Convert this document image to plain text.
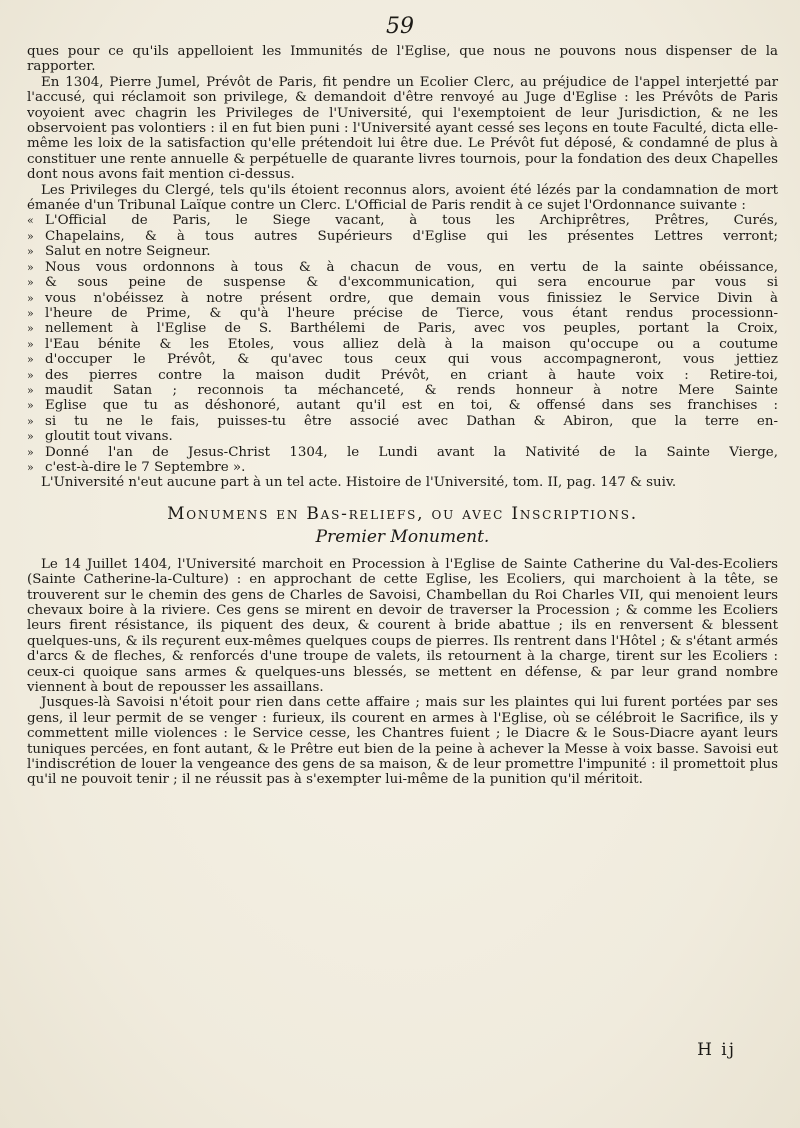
59

ques pour ce qu'ils appelloient les Immunités de l'Eglise, que nous ne pouvons nous dispenser de la rapporter.

En 1304, Pierre Jumel, Prévôt de Paris, fit pendre un Ecolier Clerc, au préjudice de l'appel interjetté par l'accusé, qui réclamoit son privilege, & demandoit d'être renvoyé au Juge d'Eglise : les Prévôts de Paris voyoient avec chagrin les Privileges de l'Université, qui l'exemptoient de leur Jurisdiction, & ne les observoient pas volontiers : il en fut bien puni : l'Université ayant cessé ses leçons en toute Faculté, dicta elle-même les loix de la satisfaction qu'elle prétendoit lui être due. Le Prévôt fut déposé, & condamné de plus à constituer une rente annuelle & perpétuelle de quarante livres tournois, pour la fondation des deux Chapelles dont nous avons fait mention ci-dessus.

Les Privileges du Clergé, tels qu'ils étoient reconnus alors, avoient été lézés par la condamnation de mort émanée d'un Tribunal Laïque contre un Clerc. L'Official de Paris rendit à ce sujet l'Ordonnance suivante :

« L'Official de Paris, le Siege vacant, à tous les Archiprêtres, Prêtres, Curés,
» Chapelains, & à tous autres Supérieurs d'Eglise qui les présentes Lettres verront;
» Salut en notre Seigneur.
» Nous vous ordonnons à tous & à chacun de vous, en vertu de la sainte obéissance,
» & sous peine de suspense & d'excommunication, qui sera encourue par vous si
» vous n'obéissez à notre présent ordre, que demain vous finissiez le Service Divin à
» l'heure de Prime, & qu'à l'heure précise de Tierce, vous étant rendus processionn-
» nellement à l'Eglise de S. Barthélemi de Paris, avec vos peuples, portant la Croix,
» l'Eau bénite & les Etoles, vous alliez delà à la maison qu'occupe ou a coutume
» d'occuper le Prévôt, & qu'avec tous ceux qui vous accompagneront, vous jettiez
» des pierres contre la maison dudit Prévôt, en criant à haute voix : Retire-toi,
» maudit Satan ; reconnois ta méchanceté, & rends honneur à notre Mere Sainte
» Eglise que tu as déshonoré, autant qu'il est en toi, & offensé dans ses franchises :
» si tu ne le fais, puisses-tu être associé avec Dathan & Abiron, que la terre en-
» gloutit tout vivans.
» Donné l'an de Jesus-Christ 1304, le Lundi avant la Nativité de la Sainte Vierge,
» c'est-à-dire le 7 Septembre ».

L'Université n'eut aucune part à un tel acte. Histoire de l'Université, tom. II, pag. 147 & suiv.

Monumens en Bas-reliefs, ou avec Inscriptions.
Premier Monument.

Le 14 Juillet 1404, l'Université marchoit en Procession à l'Eglise de Sainte Catherine du Val-des-Ecoliers (Sainte Catherine-la-Culture) : en approchant de cette Eglise, les Ecoliers, qui marchoient à la tête, se trouverent sur le chemin des gens de Charles de Savoisi, Chambellan du Roi Charles VII, qui menoient leurs chevaux boire à la riviere. Ces gens se mirent en devoir de traverser la Procession ; & comme les Ecoliers leurs firent résistance, ils piquent des deux, & courent à bride abattue ; ils en renversent & blessent quelques-uns, & ils reçurent eux-mêmes quelques coups de pierres. Ils rentrent dans l'Hôtel ; & s'étant armés d'arcs & de fleches, & renforcés d'une troupe de valets, ils retournent à la charge, tirent sur les Ecoliers : ceux-ci quoique sans armes & quelques-uns blessés, se mettent en défense, & par leur grand nombre viennent à bout de repousser les assaillans.

Jusques-là Savoisi n'étoit pour rien dans cette affaire ; mais sur les plaintes qui lui furent portées par ses gens, il leur permit de se venger : furieux, ils courent en armes à l'Eglise, où se célébroit le Sacrifice, ils y commettent mille violences : le Service cesse, les Chantres fuient ; le Diacre & le Sous-Diacre ayant leurs tuniques percées, en font autant, & le Prêtre eut bien de la peine à achever la Messe à voix basse. Savoisi eut l'indiscrétion de louer la vengeance des gens de sa maison, & de leur promettre l'impunité : il promettoit plus qu'il ne pouvoit tenir ; il ne réussit pas à s'exempter lui-même de la punition qu'il méritoit.

H ij
